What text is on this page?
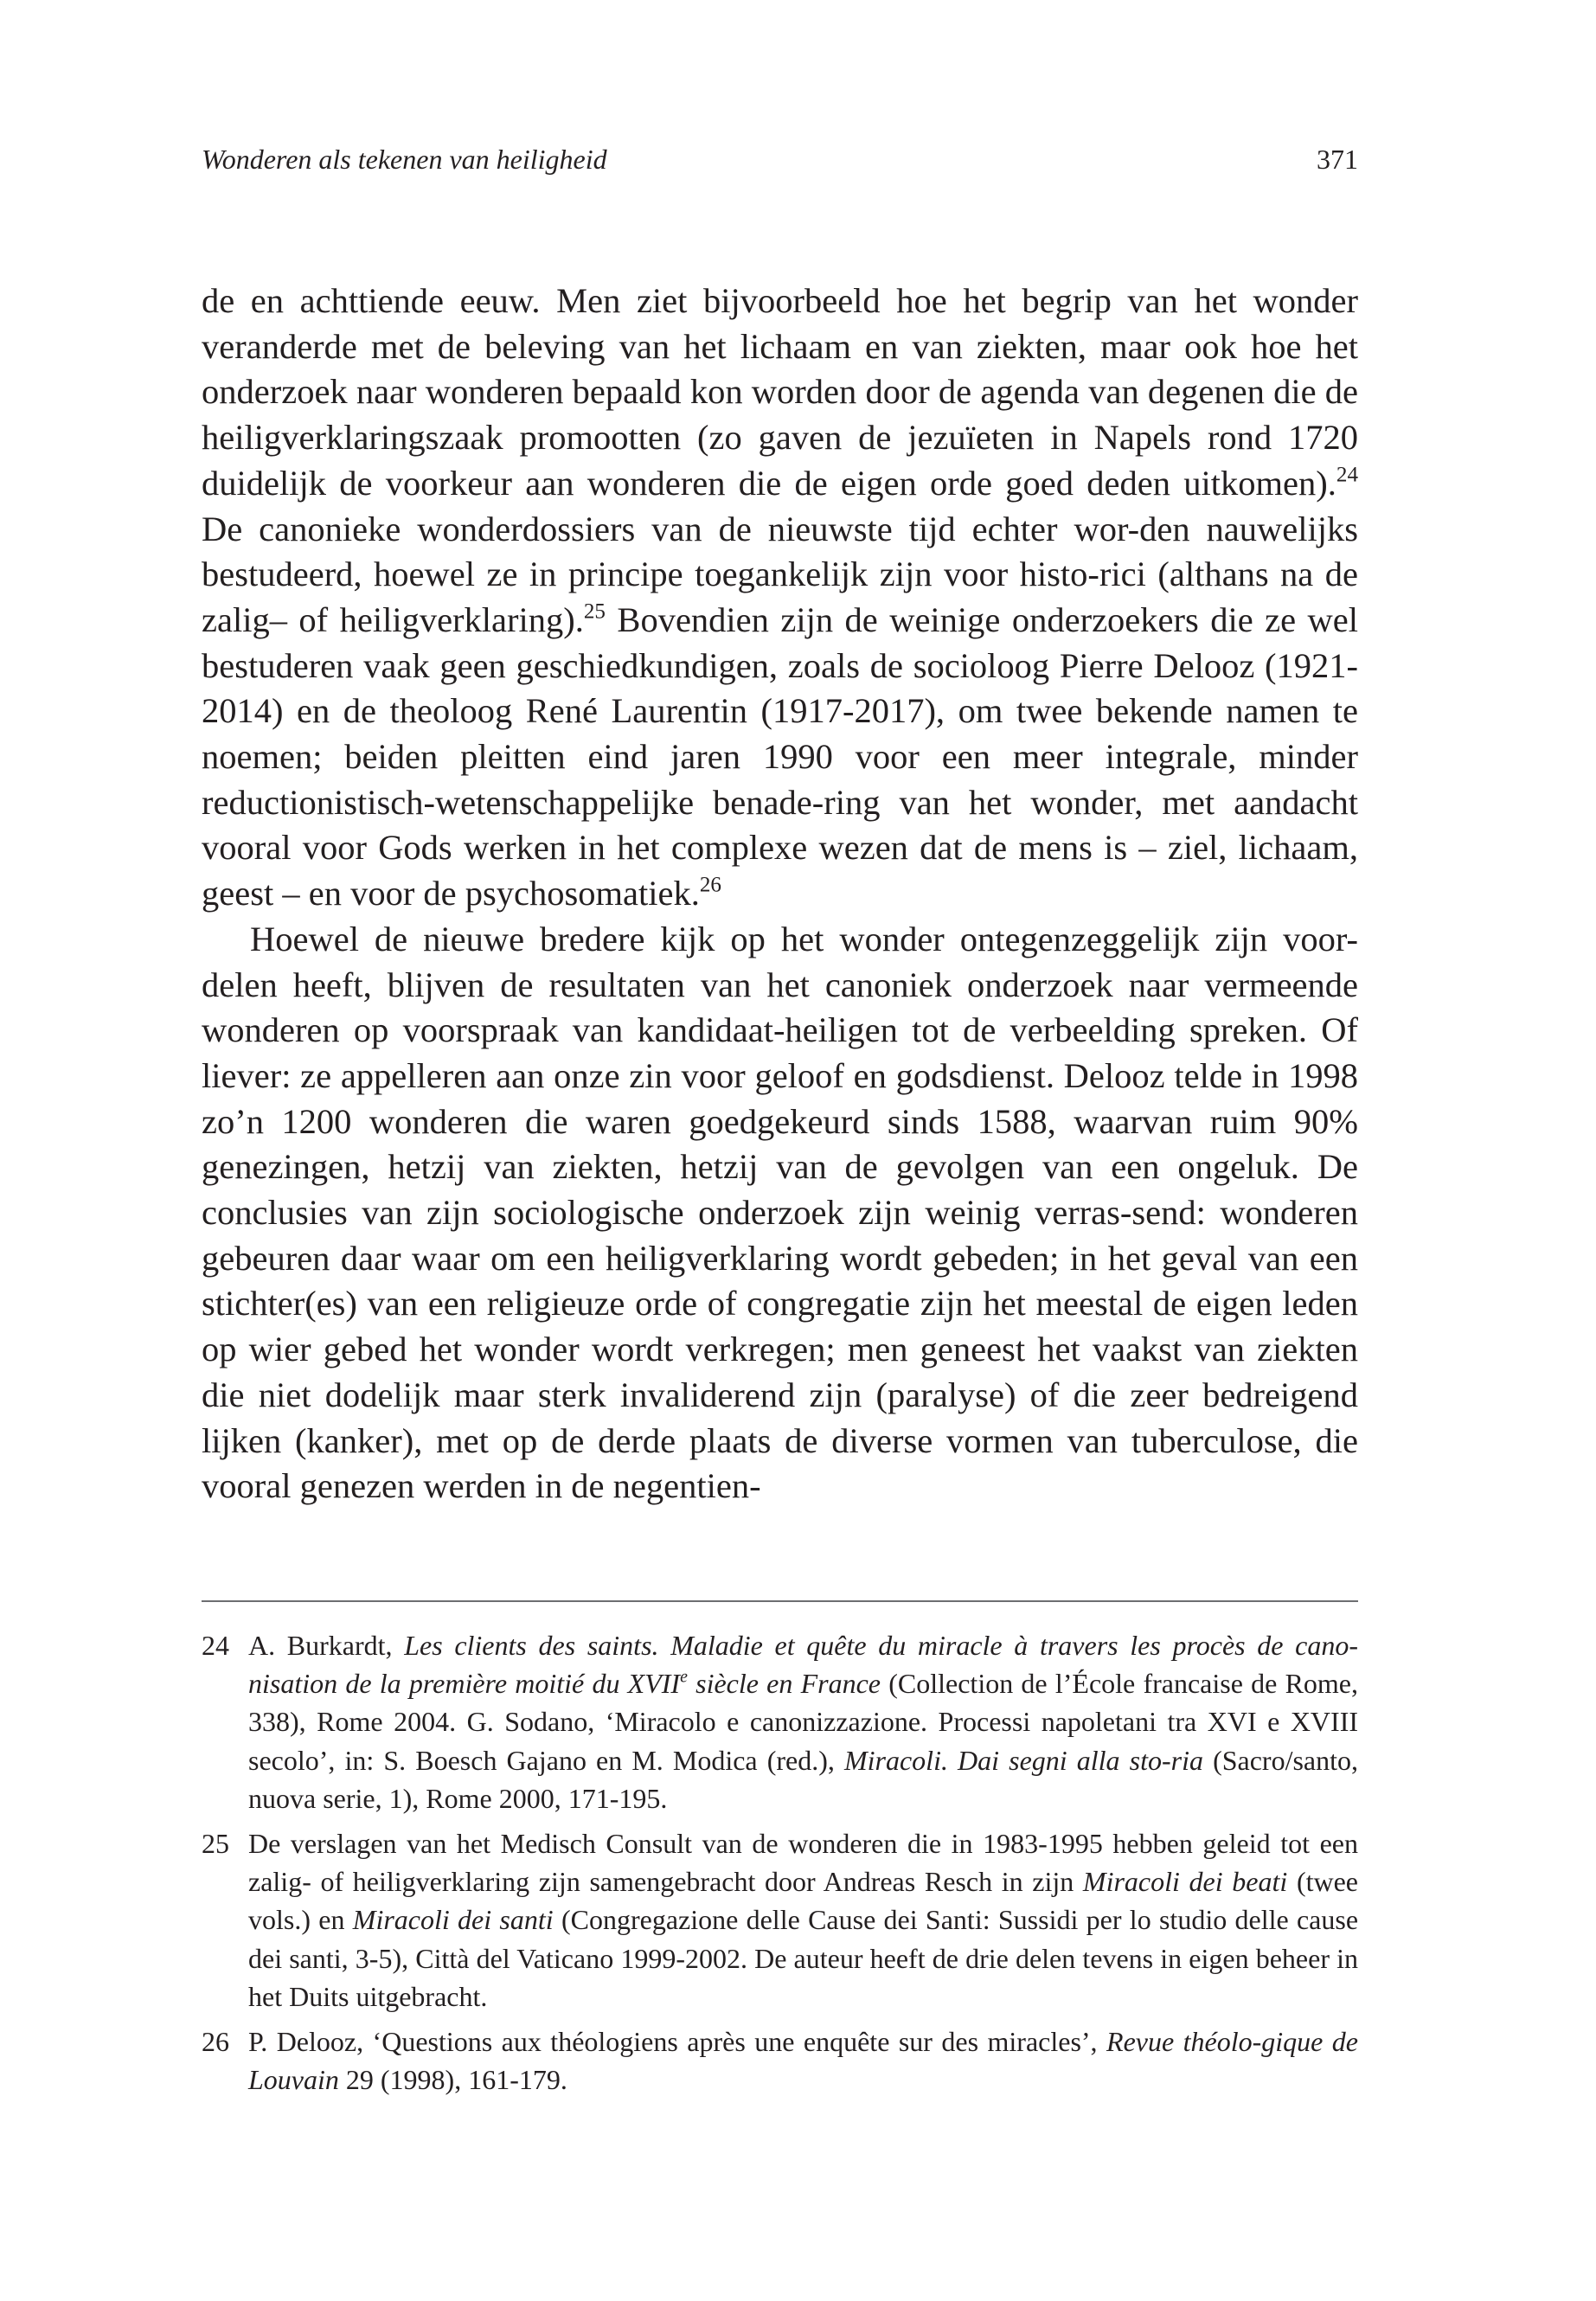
Wonderen als tekenen van heiligheid	371

de en achttiende eeuw. Men ziet bijvoorbeeld hoe het begrip van het wonder veranderde met de beleving van het lichaam en van ziekten, maar ook hoe het onderzoek naar wonderen bepaald kon worden door de agenda van degenen die de heiligverklaringszaak promootten (zo gaven de jezuïeten in Napels rond 1720 duidelijk de voorkeur aan wonderen die de eigen orde goed deden uitkomen).$^{24}$ De canonieke wonderdossiers van de nieuwste tijd echter wor-den nauwelijks bestudeerd, hoewel ze in principe toegankelijk zijn voor histo-rici (althans na de zalig– of heiligverklaring).$^{25}$ Bovendien zijn de weinige onderzoekers die ze wel bestuderen vaak geen geschiedkundigen, zoals de socioloog Pierre Delooz (1921-2014) en de theoloog René Laurentin (1917-2017), om twee bekende namen te noemen; beiden pleitten eind jaren 1990 voor een meer integrale, minder reductionistisch-wetenschappelijke benade-ring van het wonder, met aandacht vooral voor Gods werken in het complexe wezen dat de mens is – ziel, lichaam, geest – en voor de psychosomatiek.$^{26}$

Hoewel de nieuwe bredere kijk op het wonder ontegenzeggelijk zijn voor-delen heeft, blijven de resultaten van het canoniek onderzoek naar vermeende wonderen op voorspraak van kandidaat-heiligen tot de verbeelding spreken. Of liever: ze appelleren aan onze zin voor geloof en godsdienst. Delooz telde in 1998 zo’n 1200 wonderen die waren goedgekeurd sinds 1588, waarvan ruim 90% genezingen, hetzij van ziekten, hetzij van de gevolgen van een ongeluk. De conclusies van zijn sociologische onderzoek zijn weinig verras-send: wonderen gebeuren daar waar om een heiligverklaring wordt gebeden; in het geval van een stichter(es) van een religieuze orde of congregatie zijn het meestal de eigen leden op wier gebed het wonder wordt verkregen; men geneest het vaakst van ziekten die niet dodelijk maar sterk invaliderend zijn (paralyse) of die zeer bedreigend lijken (kanker), met op de derde plaats de diverse vormen van tuberculose, die vooral genezen werden in de negentien-

24 A. Burkardt, Les clients des saints. Maladie et quête du miracle à travers les procès de cano-nisation de la première moitié du XVIIe siècle en France (Collection de l’École francaise de Rome, 338), Rome 2004. G. Sodano, ‘Miracolo e canonizzazione. Processi napoletani tra XVI e XVIII secolo’, in: S. Boesch Gajano en M. Modica (red.), Miracoli. Dai segni alla sto-ria (Sacro/santo, nuova serie, 1), Rome 2000, 171-195.
25 De verslagen van het Medisch Consult van de wonderen die in 1983-1995 hebben geleid tot een zalig- of heiligverklaring zijn samengebracht door Andreas Resch in zijn Miracoli dei beati (twee vols.) en Miracoli dei santi (Congregazione delle Cause dei Santi: Sussidi per lo studio delle cause dei santi, 3-5), Città del Vaticano 1999-2002. De auteur heeft de drie delen tevens in eigen beheer in het Duits uitgebracht.
26 P. Delooz, ‘Questions aux théologiens après une enquête sur des miracles’, Revue théolo-gique de Louvain 29 (1998), 161-179.
